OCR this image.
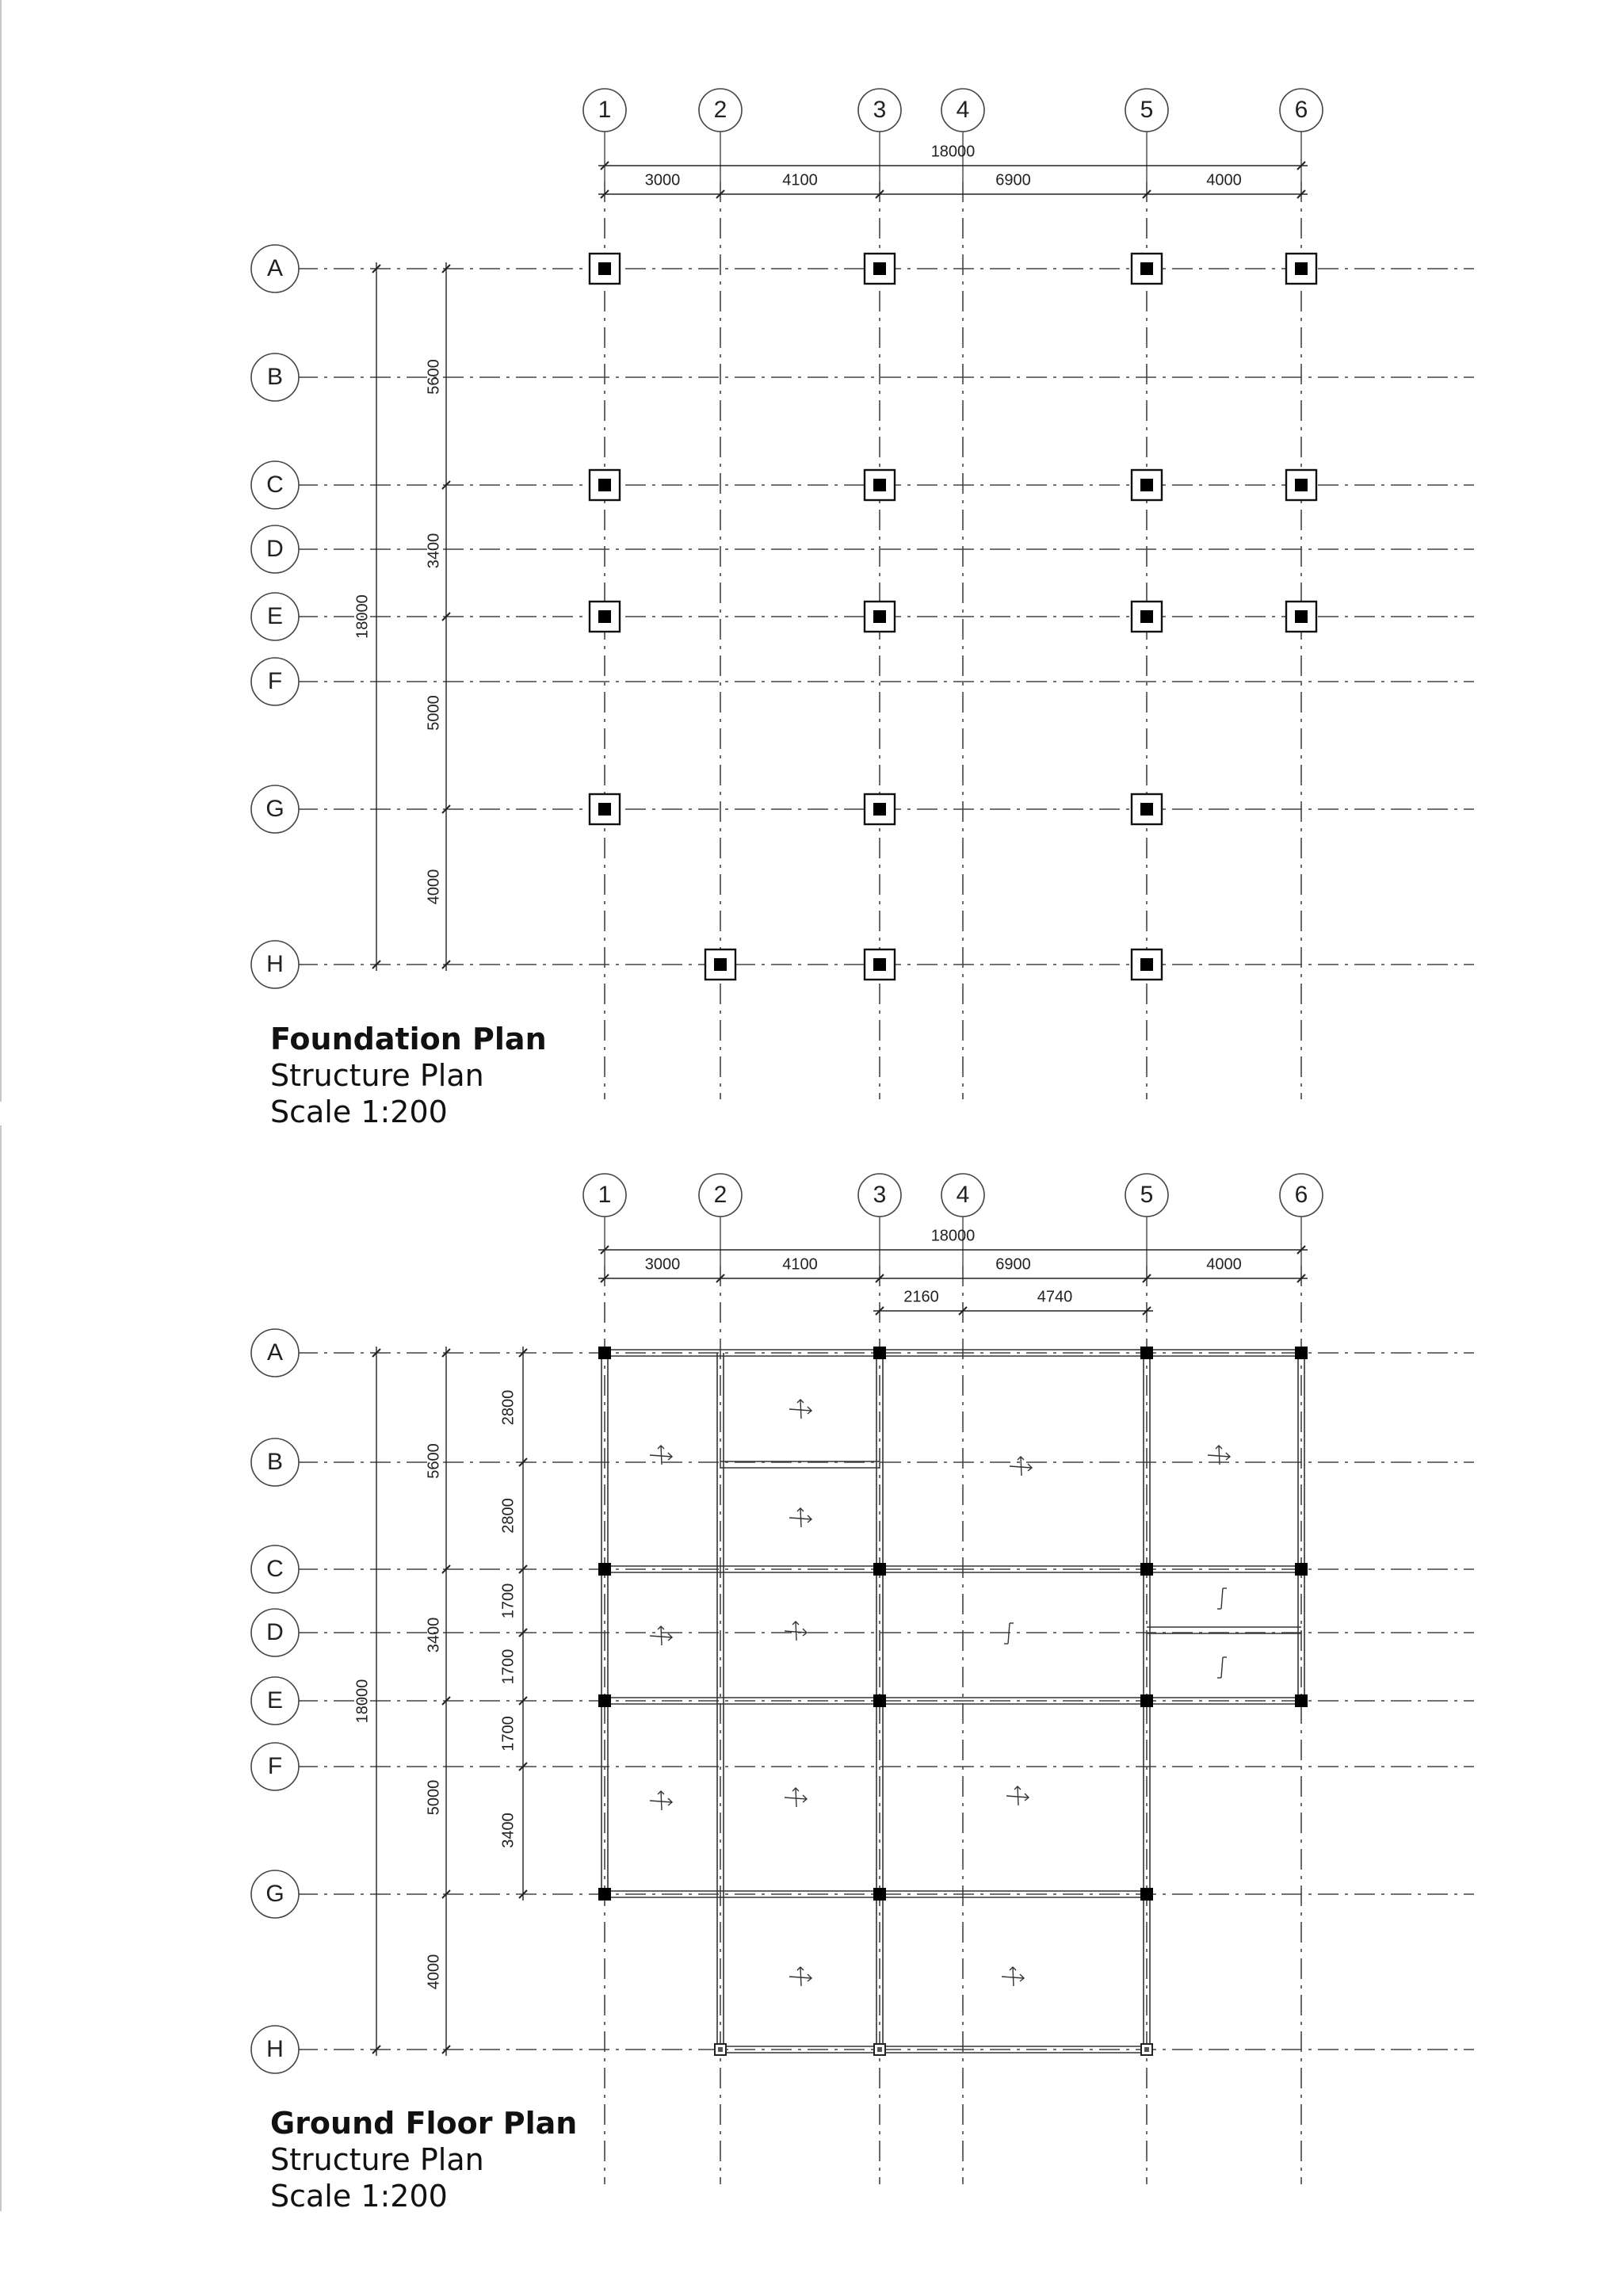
1	2	3	4	5	6
A
B
C
D
E
F
G
H
18000
3000	4100	6900	4000
18000
5600
3400
5000
4000
1	2	3	4	5	6
A
B
C
D
E
F
G
H
18000
3000	4100	6900	4000
2160	4740
18000
5600
3400
5000
4000
2800
2800
1700
1700
1700
3400
Foundation Plan
Structure Plan
Scale 1:200
Ground Floor Plan
Structure Plan
Scale 1:200
